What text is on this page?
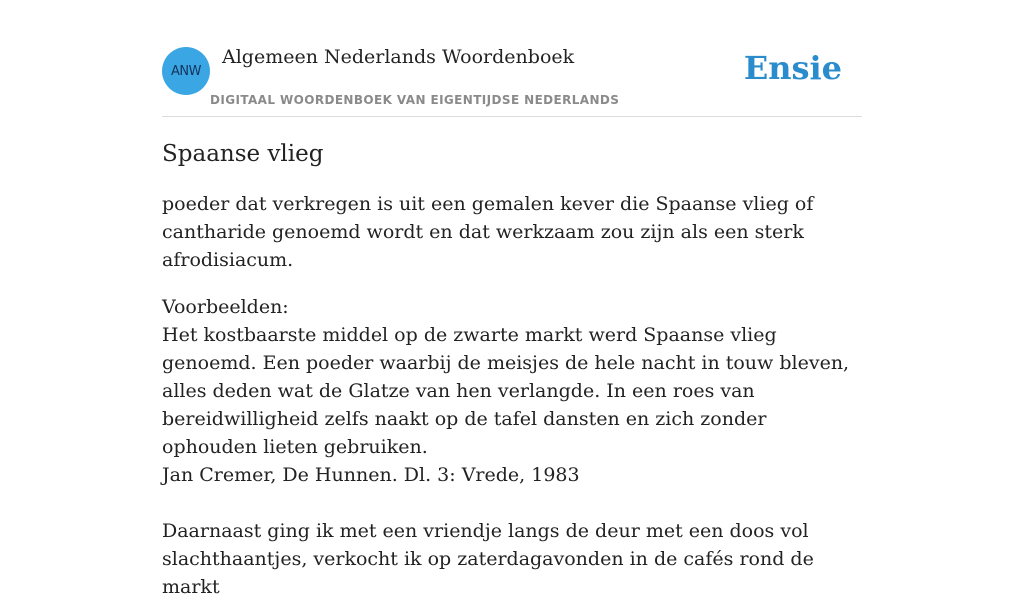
ANW
Algemeen Nederlands Woordenboek
DIGITAAL WOORDENBOEK VAN EIGENTIJDSE NEDERLANDS
Ensie
Spaanse vlieg

poeder dat verkregen is uit een gemalen kever die Spaanse vlieg of cantharide genoemd wordt en dat werkzaam zou zijn als een sterk afrodisiacum.

Voorbeelden:

Het kostbaarste middel op de zwarte markt werd Spaanse vlieg genoemd. Een poeder waarbij de meisjes de hele nacht in touw bleven, alles deden wat de Glatze van hen verlangde. In een roes van bereidwilligheid zelfs naakt op de tafel dansten en zich zonder ophouden lieten gebruiken.

Jan Cremer, De Hunnen. Dl. 3: Vrede, 1983

Daarnaast ging ik met een vriendje langs de deur met een doos vol slachthaantjes, verkocht ik op zaterdagavonden in de cafés rond de markt
